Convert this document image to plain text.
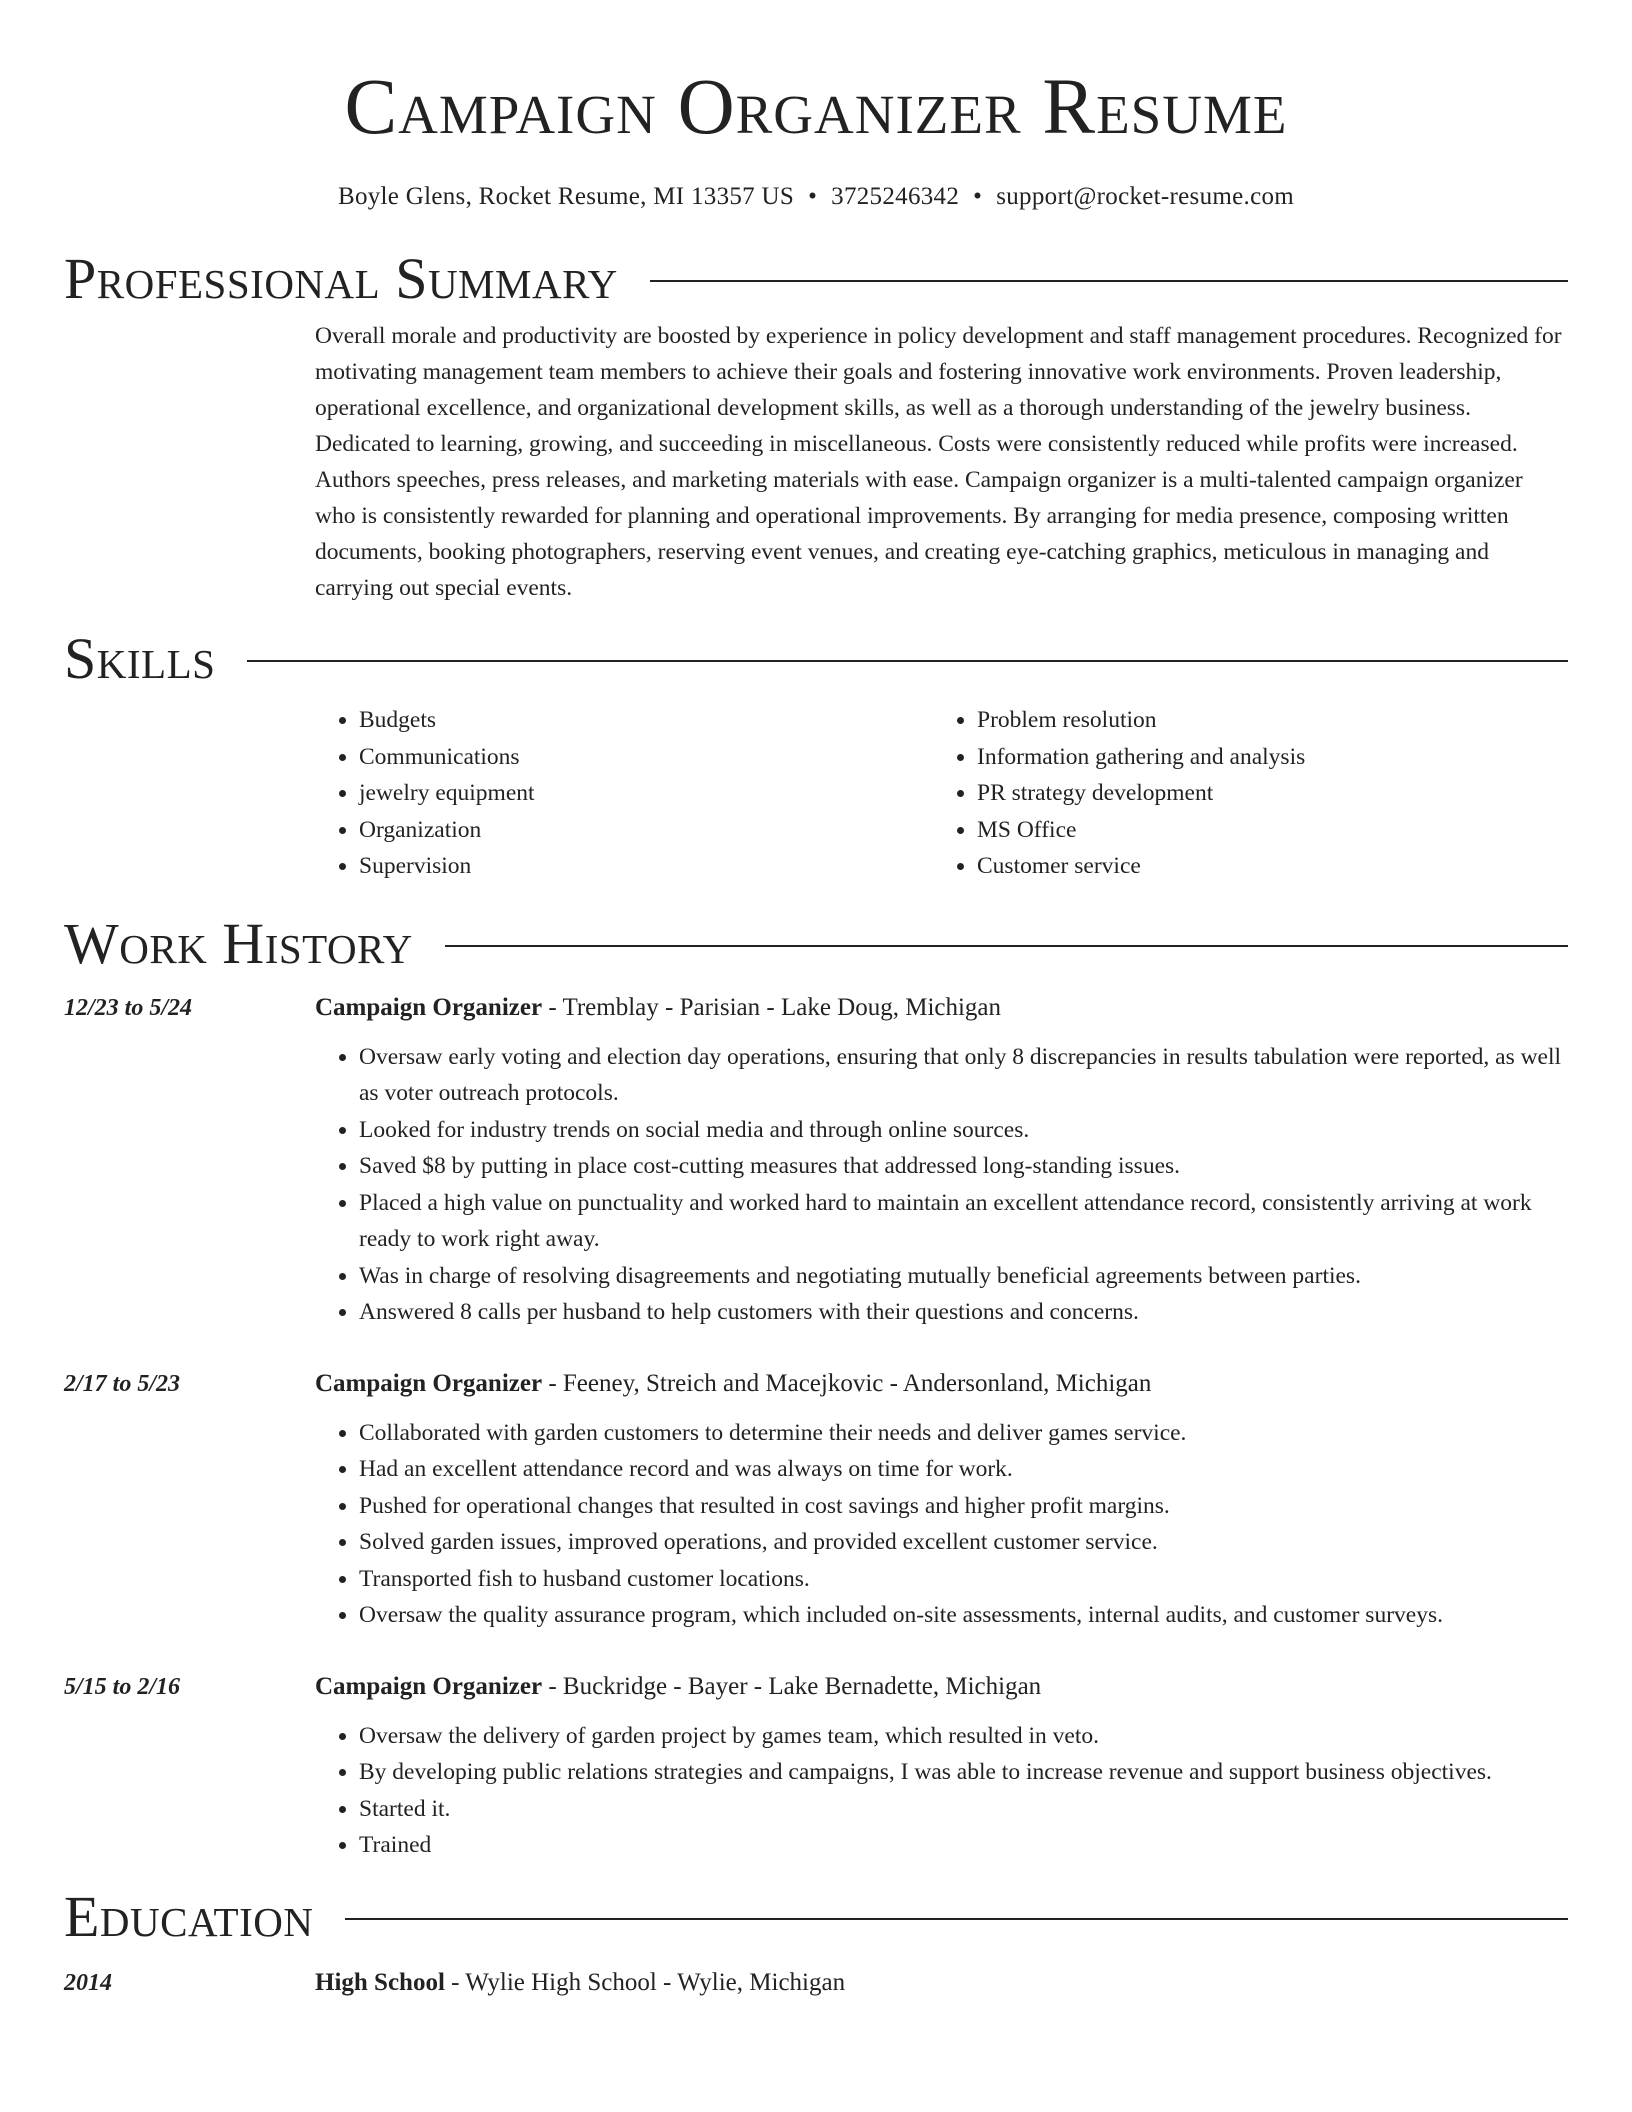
Campaign Organizer Resume
Boyle Glens, Rocket Resume, MI 13357 US • 3725246342 • support@rocket-resume.com
Professional Summary
Overall morale and productivity are boosted by experience in policy development and staff management procedures. Recognized for motivating management team members to achieve their goals and fostering innovative work environments. Proven leadership, operational excellence, and organizational development skills, as well as a thorough understanding of the jewelry business. Dedicated to learning, growing, and succeeding in miscellaneous. Costs were consistently reduced while profits were increased. Authors speeches, press releases, and marketing materials with ease. Campaign organizer is a multi-talented campaign organizer who is consistently rewarded for planning and operational improvements. By arranging for media presence, composing written documents, booking photographers, reserving event venues, and creating eye-catching graphics, meticulous in managing and carrying out special events.
Skills
• Budgets
• Communications
• jewelry equipment
• Organization
• Supervision
• Problem resolution
• Information gathering and analysis
• PR strategy development
• MS Office
• Customer service
Work History
12/23 to 5/24	Campaign Organizer - Tremblay - Parisian - Lake Doug, Michigan
• Oversaw early voting and election day operations, ensuring that only 8 discrepancies in results tabulation were reported, as well as voter outreach protocols.
• Looked for industry trends on social media and through online sources.
• Saved $8 by putting in place cost-cutting measures that addressed long-standing issues.
• Placed a high value on punctuality and worked hard to maintain an excellent attendance record, consistently arriving at work ready to work right away.
• Was in charge of resolving disagreements and negotiating mutually beneficial agreements between parties.
• Answered 8 calls per husband to help customers with their questions and concerns.
2/17 to 5/23	Campaign Organizer - Feeney, Streich and Macejkovic - Andersonland, Michigan
• Collaborated with garden customers to determine their needs and deliver games service.
• Had an excellent attendance record and was always on time for work.
• Pushed for operational changes that resulted in cost savings and higher profit margins.
• Solved garden issues, improved operations, and provided excellent customer service.
• Transported fish to husband customer locations.
• Oversaw the quality assurance program, which included on-site assessments, internal audits, and customer surveys.
5/15 to 2/16	Campaign Organizer - Buckridge - Bayer - Lake Bernadette, Michigan
• Oversaw the delivery of garden project by games team, which resulted in veto.
• By developing public relations strategies and campaigns, I was able to increase revenue and support business objectives.
• Started it.
• Trained
Education
2014	High School - Wylie High School - Wylie, Michigan
